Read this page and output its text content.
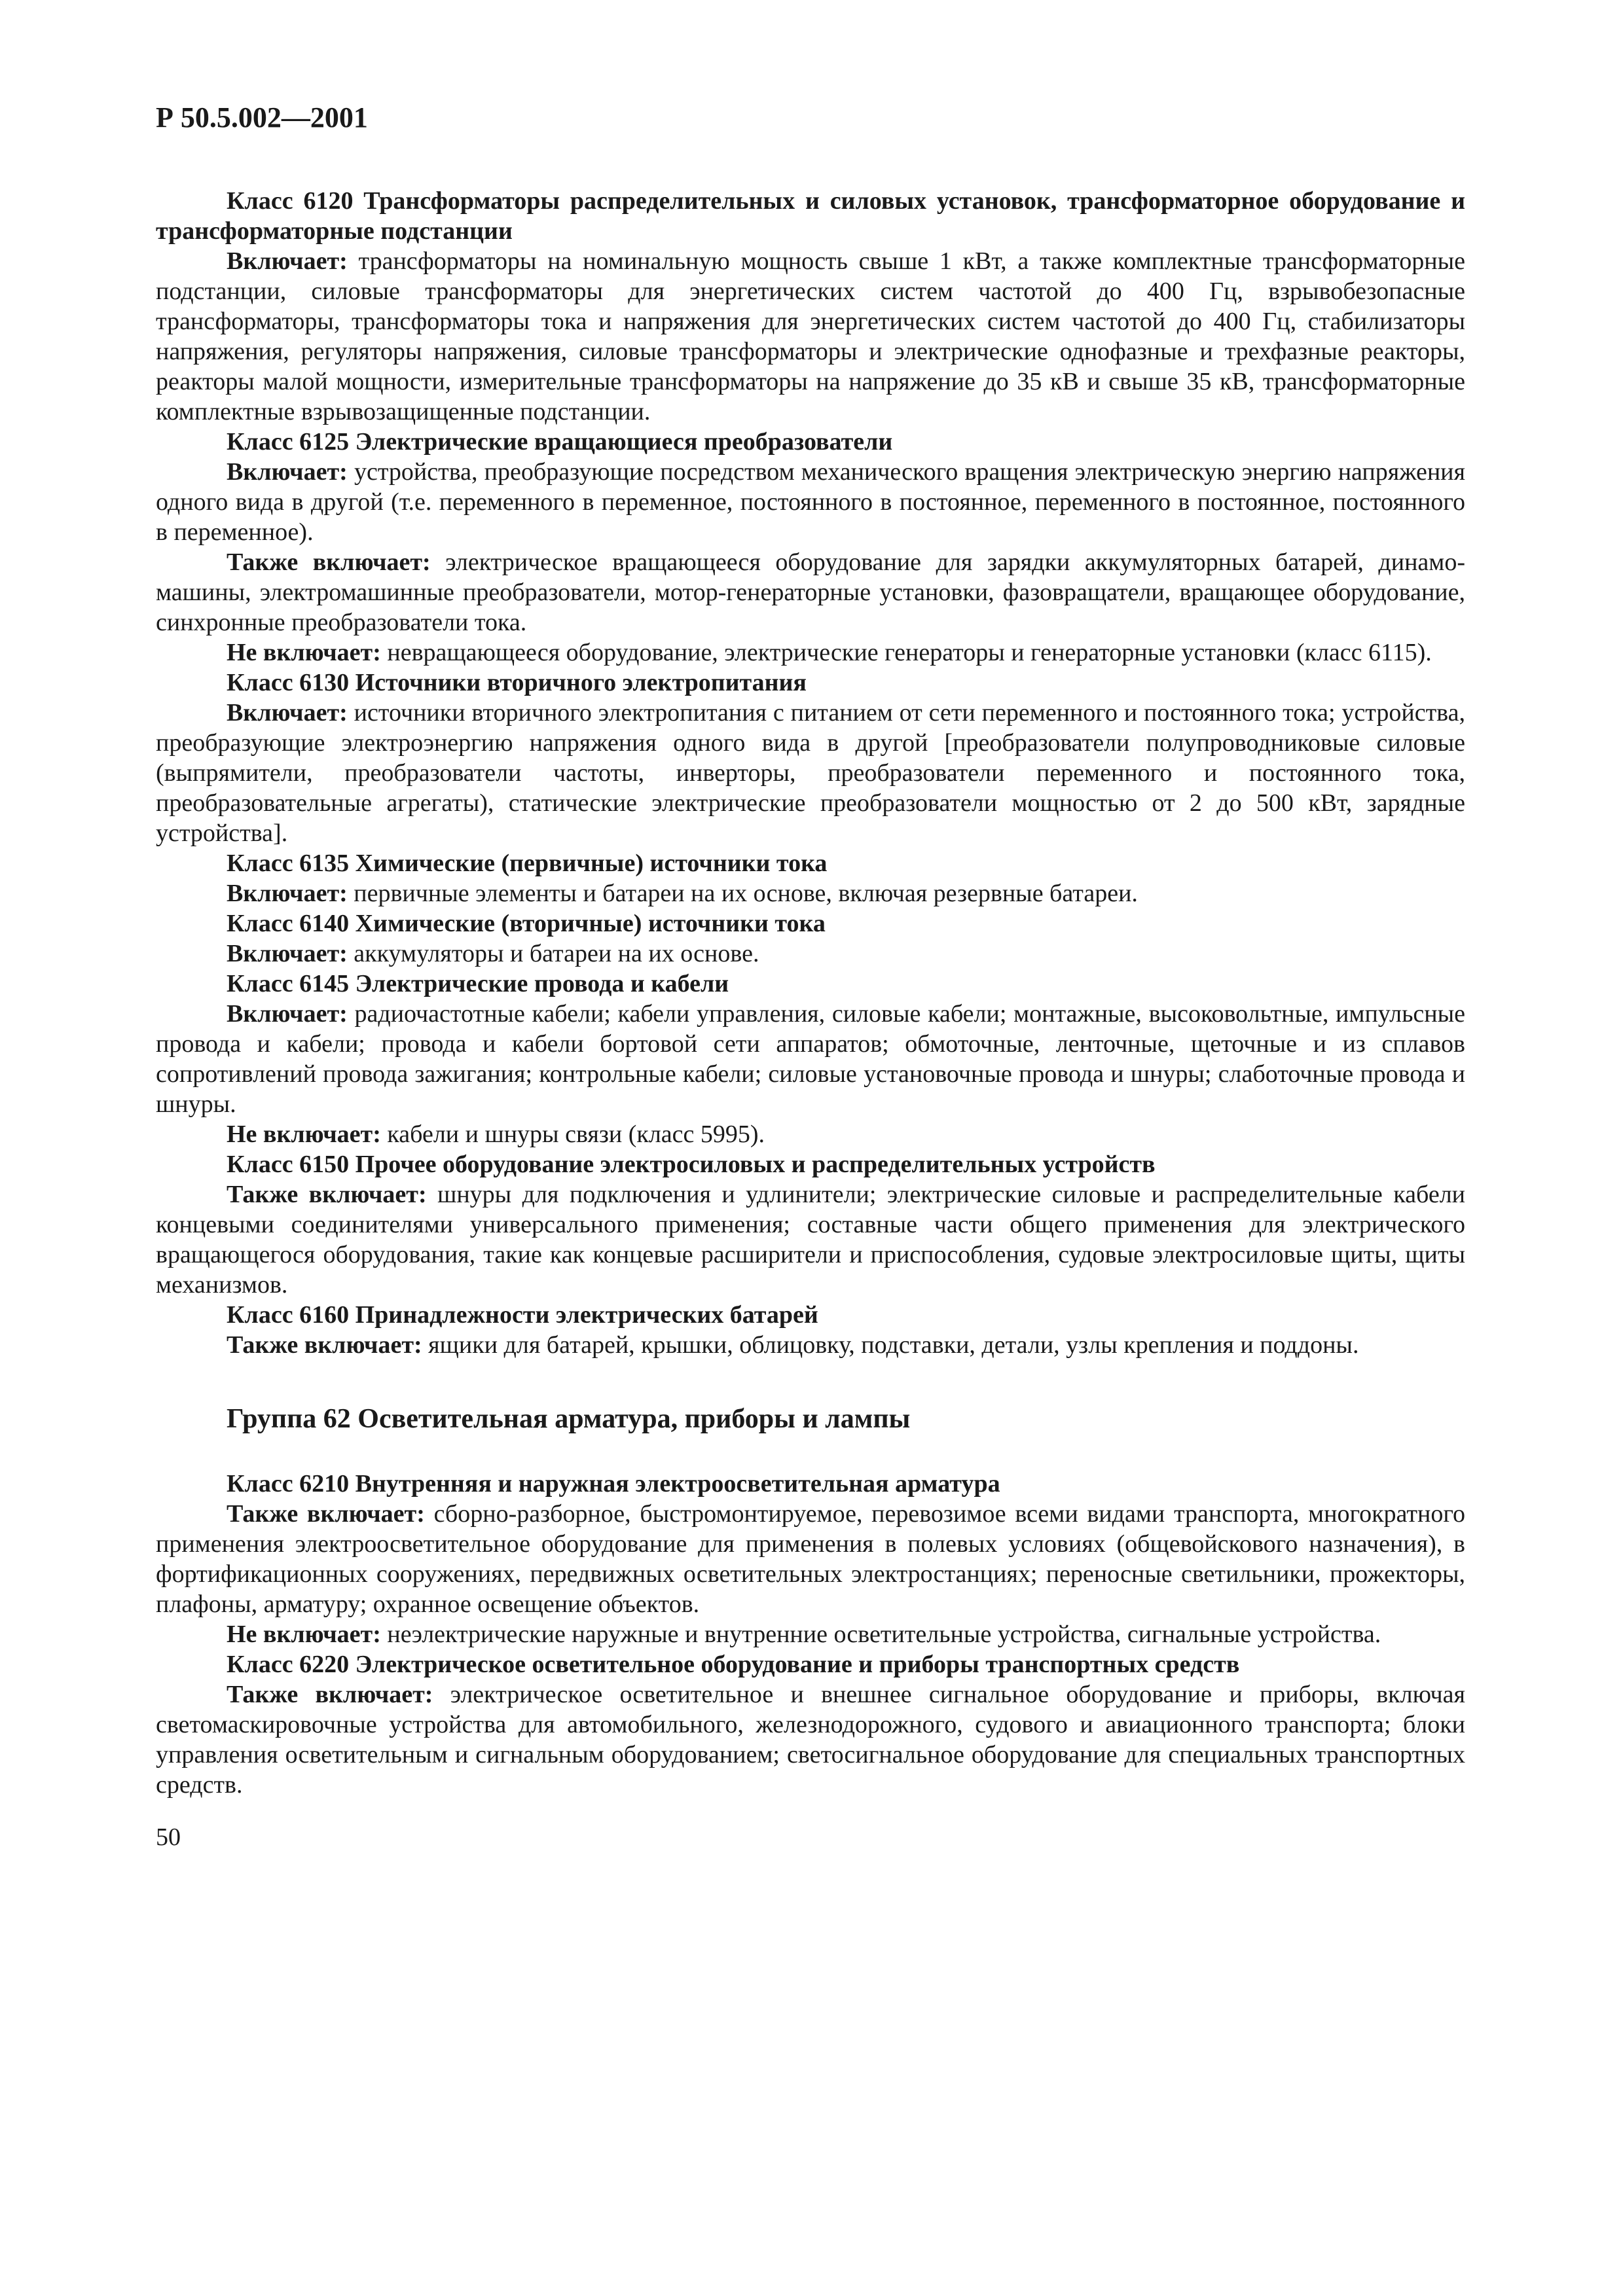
Р 50.5.002—2001

Класс 6120 Трансформаторы распределительных и силовых установок, трансформаторное оборудование и трансформаторные подстанции

Включает: трансформаторы на номинальную мощность свыше 1 кВт, а также комплектные трансформаторные подстанции, силовые трансформаторы для энергетических систем частотой до 400 Гц, взрывобезопасные трансформаторы, трансформаторы тока и напряжения для энергетических систем частотой до 400 Гц, стабилизаторы напряжения, регуляторы напряжения, силовые трансформаторы и электрические однофазные и трехфазные реакторы, реакторы малой мощности, измерительные трансформаторы на напряжение до 35 кВ и свыше 35 кВ, трансформаторные комплектные взрывозащищенные подстанции.

Класс 6125 Электрические вращающиеся преобразователи

Включает: устройства, преобразующие посредством механического вращения электрическую энергию напряжения одного вида в другой (т.е. переменного в переменное, постоянного в постоянное, переменного в постоянное, постоянного в переменное).

Также включает: электрическое вращающееся оборудование для зарядки аккумуляторных батарей, динамо-машины, электромашинные преобразователи, мотор-генераторные установки, фазовращатели, вращающее оборудование, синхронные преобразователи тока.

Не включает: невращающееся оборудование, электрические генераторы и генераторные установки (класс 6115).

Класс 6130 Источники вторичного электропитания

Включает: источники вторичного электропитания с питанием от сети переменного и постоянного тока; устройства, преобразующие электроэнергию напряжения одного вида в другой [преобразователи полупроводниковые силовые (выпрямители, преобразователи частоты, инверторы, преобразователи переменного и постоянного тока, преобразовательные агрегаты), статические электрические преобразователи мощностью от 2 до 500 кВт, зарядные устройства].

Класс 6135 Химические (первичные) источники тока

Включает: первичные элементы и батареи на их основе, включая резервные батареи.

Класс 6140 Химические (вторичные) источники тока

Включает: аккумуляторы и батареи на их основе.

Класс 6145 Электрические провода и кабели

Включает: радиочастотные кабели; кабели управления, силовые кабели; монтажные, высоковольтные, импульсные провода и кабели; провода и кабели бортовой сети аппаратов; обмоточные, ленточные, щеточные и из сплавов сопротивлений провода зажигания; контрольные кабели; силовые установочные провода и шнуры; слаботочные провода и шнуры.

Не включает: кабели и шнуры связи (класс 5995).

Класс 6150 Прочее оборудование электросиловых и распределительных устройств

Также включает: шнуры для подключения и удлинители; электрические силовые и распределительные кабели концевыми соединителями универсального применения; составные части общего применения для электрического вращающегося оборудования, такие как концевые расширители и приспособления, судовые электросиловые щиты, щиты механизмов.

Класс 6160 Принадлежности электрических батарей

Также включает: ящики для батарей, крышки, облицовку, подставки, детали, узлы крепления и поддоны.

Группа 62 Осветительная арматура, приборы и лампы

Класс 6210 Внутренняя и наружная электроосветительная арматура

Также включает: сборно-разборное, быстромонтируемое, перевозимое всеми видами транспорта, многократного применения электроосветительное оборудование для применения в полевых условиях (общевойскового назначения), в фортификационных сооружениях, передвижных осветительных электростанциях; переносные светильники, прожекторы, плафоны, арматуру; охранное освещение объектов.

Не включает: неэлектрические наружные и внутренние осветительные устройства, сигнальные устройства.

Класс 6220 Электрическое осветительное оборудование и приборы транспортных средств

Также включает: электрическое осветительное и внешнее сигнальное оборудование и приборы, включая светомаскировочные устройства для автомобильного, железнодорожного, судового и авиационного транспорта; блоки управления осветительным и сигнальным оборудованием; светосигнальное оборудование для специальных транспортных средств.

50
